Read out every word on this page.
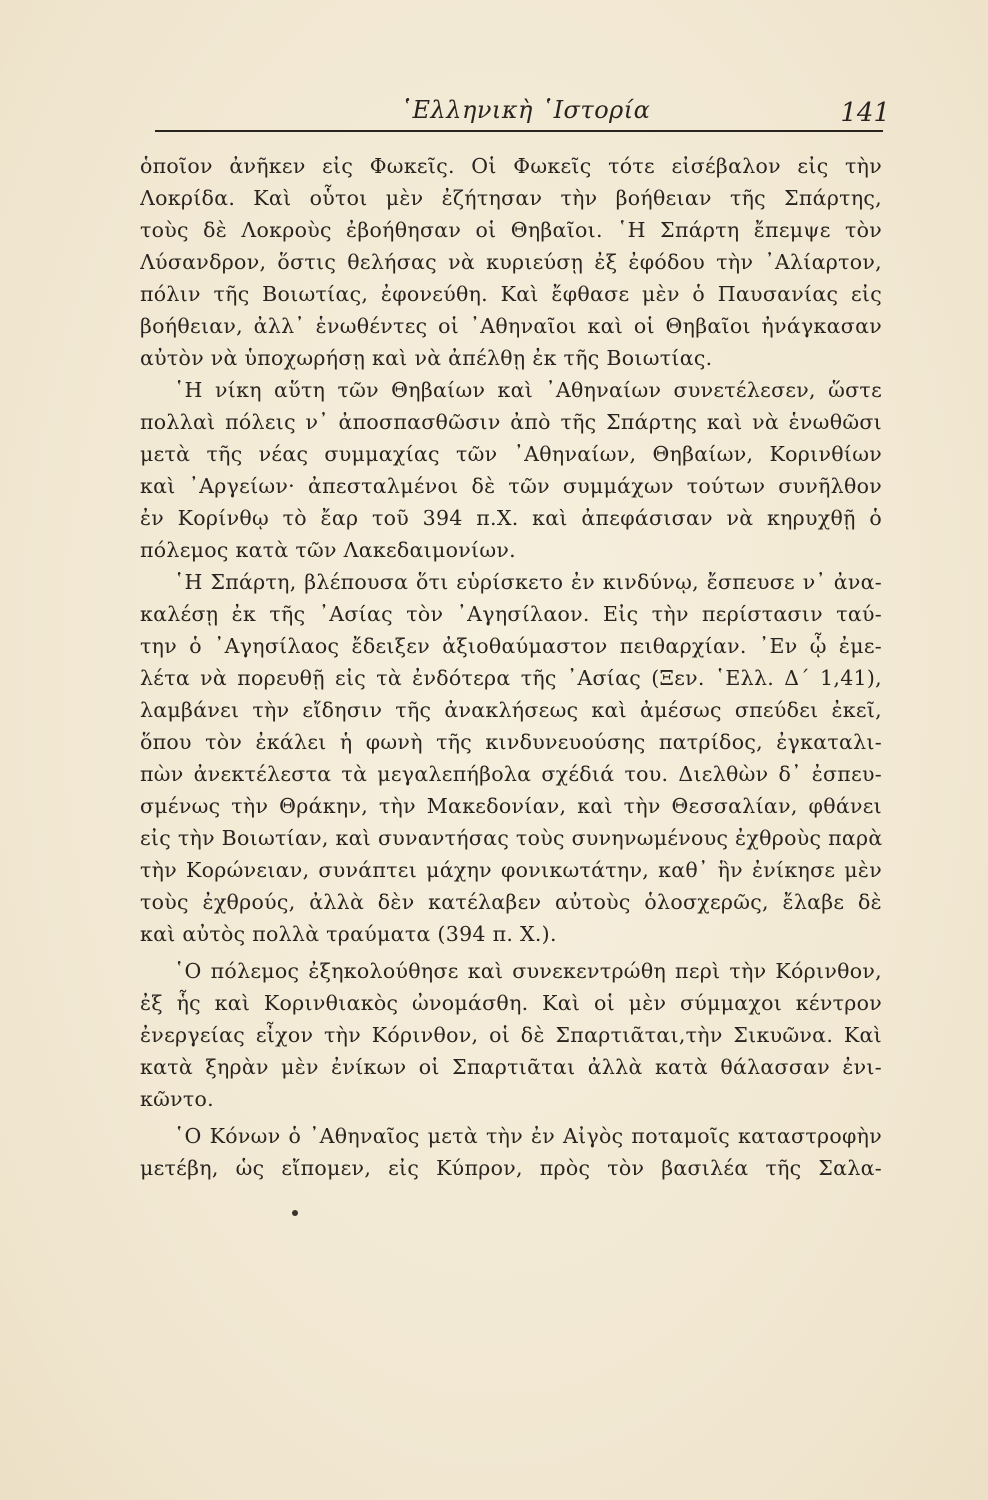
῾Ελληνικὴ ῾Ιστορία	141
ὁποῖον ἀνῆκεν εἰς Φωκεῖς. Οἱ Φωκεῖς τότε εἰσέβαλον εἰς τὴν
Λοκρίδα. Καὶ οὗτοι μὲν ἐζήτησαν τὴν βοήθειαν τῆς Σπάρτης,
τοὺς δὲ Λοκροὺς ἐβοήθησαν οἱ Θηβαῖοι. ῾Η Σπάρτη ἔπεμψε τὸν
Λύσανδρον, ὅστις θελήσας νὰ κυριεύσῃ ἐξ ἐφόδου τὴν ᾿Αλίαρτον,
πόλιν τῆς Βοιωτίας, ἐφονεύθη. Καὶ ἔφθασε μὲν ὁ Παυσανίας εἰς
βοήθειαν, ἀλλ᾿ ἑνωθέντες οἱ ᾿Αθηναῖοι καὶ οἱ Θηβαῖοι ἠνάγκασαν
αὐτὸν νὰ ὑποχωρήσῃ καὶ νὰ ἀπέλθῃ ἐκ τῆς Βοιωτίας.
῾Η νίκη αὕτη τῶν Θηβαίων καὶ ᾿Αθηναίων συνετέλεσεν, ὥστε
πολλαὶ πόλεις ν᾿ ἀποσπασθῶσιν ἀπὸ τῆς Σπάρτης καὶ νὰ ἑνωθῶσι
μετὰ τῆς νέας συμμαχίας τῶν ᾿Αθηναίων, Θηβαίων, Κορινθίων
καὶ ᾿Αργείων· ἀπεσταλμένοι δὲ τῶν συμμάχων τούτων συνῆλθον
ἐν Κορίνθῳ τὸ ἔαρ τοῦ 394 π.Χ. καὶ ἀπεφάσισαν νὰ κηρυχθῇ ὁ
πόλεμος κατὰ τῶν Λακεδαιμονίων.
῾Η Σπάρτη, βλέπουσα ὅτι εὑρίσκετο ἐν κινδύνῳ, ἔσπευσε ν᾿ ἀνα-
καλέσῃ ἐκ τῆς ᾿Ασίας τὸν ᾿Αγησίλαον. Εἰς τὴν περίστασιν ταύ-
την ὁ ᾿Αγησίλαος ἔδειξεν ἀξιοθαύμαστον πειθαρχίαν. ᾿Εν ᾧ ἐμε-
λέτα νὰ πορευθῇ εἰς τὰ ἐνδότερα τῆς ᾿Ασίας (Ξεν. ῾Ελλ. Δ΄ 1,41),
λαμβάνει τὴν εἴδησιν τῆς ἀνακλήσεως καὶ ἀμέσως σπεύδει ἐκεῖ,
ὅπου τὸν ἐκάλει ἡ φωνὴ τῆς κινδυνευούσης πατρίδος, ἐγκαταλι-
πὼν ἀνεκτέλεστα τὰ μεγαλεπήβολα σχέδιά του. Διελθὼν δ᾿ ἐσπευ-
σμένως τὴν Θράκην, τὴν Μακεδονίαν, καὶ τὴν Θεσσαλίαν, φθάνει
εἰς τὴν Βοιωτίαν, καὶ συναντήσας τοὺς συνηνωμένους ἐχθροὺς παρὰ
τὴν Κορώνειαν, συνάπτει μάχην φονικωτάτην, καθ᾿ ἣν ἐνίκησε μὲν
τοὺς ἐχθρούς, ἀλλὰ δὲν κατέλαβεν αὐτοὺς ὁλοσχερῶς, ἔλαβε δὲ
καὶ αὐτὸς πολλὰ τραύματα (394 π. Χ.).
῾Ο πόλεμος ἐξηκολούθησε καὶ συνεκεντρώθη περὶ τὴν Κόρινθον,
ἐξ ἧς καὶ Κορινθιακὸς ὠνομάσθη. Καὶ οἱ μὲν σύμμαχοι κέντρον
ἐνεργείας εἶχον τὴν Κόρινθον, οἱ δὲ Σπαρτιᾶται,τὴν Σικυῶνα. Καὶ
κατὰ ξηρὰν μὲν ἐνίκων οἱ Σπαρτιᾶται ἀλλὰ κατὰ θάλασσαν ἐνι-
κῶντο.
῾Ο Κόνων ὁ ᾿Αθηναῖος μετὰ τὴν ἐν Αἰγὸς ποταμοῖς καταστροφὴν
μετέβη, ὡς εἴπομεν, εἰς Κύπρον, πρὸς τὸν βασιλέα τῆς Σαλα-
